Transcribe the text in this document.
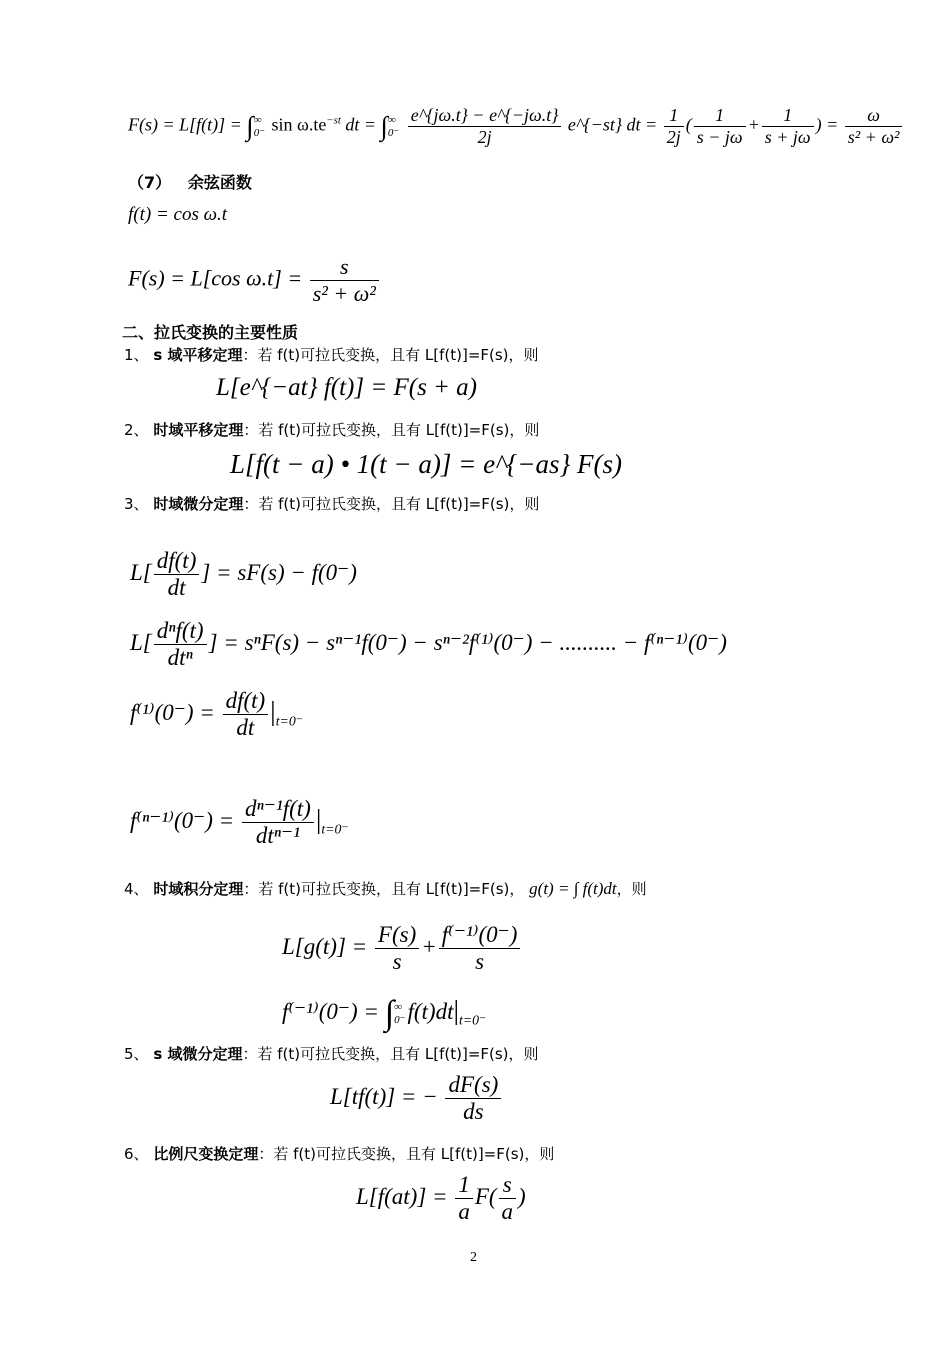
F(s) = L[f(t)] = ∫ ∞
0⁻ $\sin \omega.te^{-st}$ dt = ∫ ∞
0⁻
$\frac{e\^{}\{j\omega.t\} - e\^{}\{-j\omega.t\}}{2j}$ e^{−st} dt = $\frac{1}{2j}$ ( $\frac{1}{s - j\omega} + \frac{1}{s + j\omega}$ ) = $\frac{\omega}{\text{s² + ω²}}$
（7） 余弦函数
f(t) = cos ω.t
F(s) = L[cos $\omega.t] = \frac{s}{\text{s² + ω²}}$
二、拉氏变换的主要性质
1、 s 域平移定理：若 f(t)可拉氏变换，且有 L[f(t)]=F(s)，则
L[e^{−at} f(t)] = F(s + a)
2、 时域平移定理：若 f(t)可拉氏变换，且有 L[f(t)]=F(s)，则
L[f(t − a) • 1(t − a)] = e^{−as} F(s)
3、 时域微分定理：若 f(t)可拉氏变换，且有 L[f(t)]=F(s)，则
$L[ \frac{df(t)}{dt}$ ] = sF(s) − f(0⁻)
$L[ \frac{\text{dⁿf(t)}}{\text{dtⁿ}}$ ] = sⁿF(s) − sⁿ⁻¹f(0⁻) − sⁿ⁻²f⁽¹⁾(0⁻) − .......... − f⁽ⁿ⁻¹⁾(0⁻)
$f^{(1)}(0^-) = \frac{df(t)}{dt} |_{t=0^-}$
$f^{(n-1)}(0^-) = \frac{\text{dⁿ⁻¹f(t)}}{\text{dtⁿ⁻¹}} |_{t=0^-}$
4、 时域积分定理：若 f(t)可拉氏变换，且有 L[f(t)]=F(s)， g(t) = ∫ f(t)dt，则
$L[g(t)] = \frac{F(s)}{s} + \frac{\text{f⁽⁻¹⁾(0⁻)}}{s}$
f⁽⁻¹⁾(0⁻) = ∫ ∞
0⁻ $f(t)dt|_{t=0^-}$
5、 s 域微分定理：若 f(t)可拉氏变换，且有 L[f(t)]=F(s)，则
L[tf(t)] = − $\frac{dF(s)}{ds}$
6、 比例尺变换定理：若 f(t)可拉氏变换，且有 L[f(t)]=F(s)，则
$L[f(at)] = \frac{1}{a} F( \frac{s}{a}$ )
2
